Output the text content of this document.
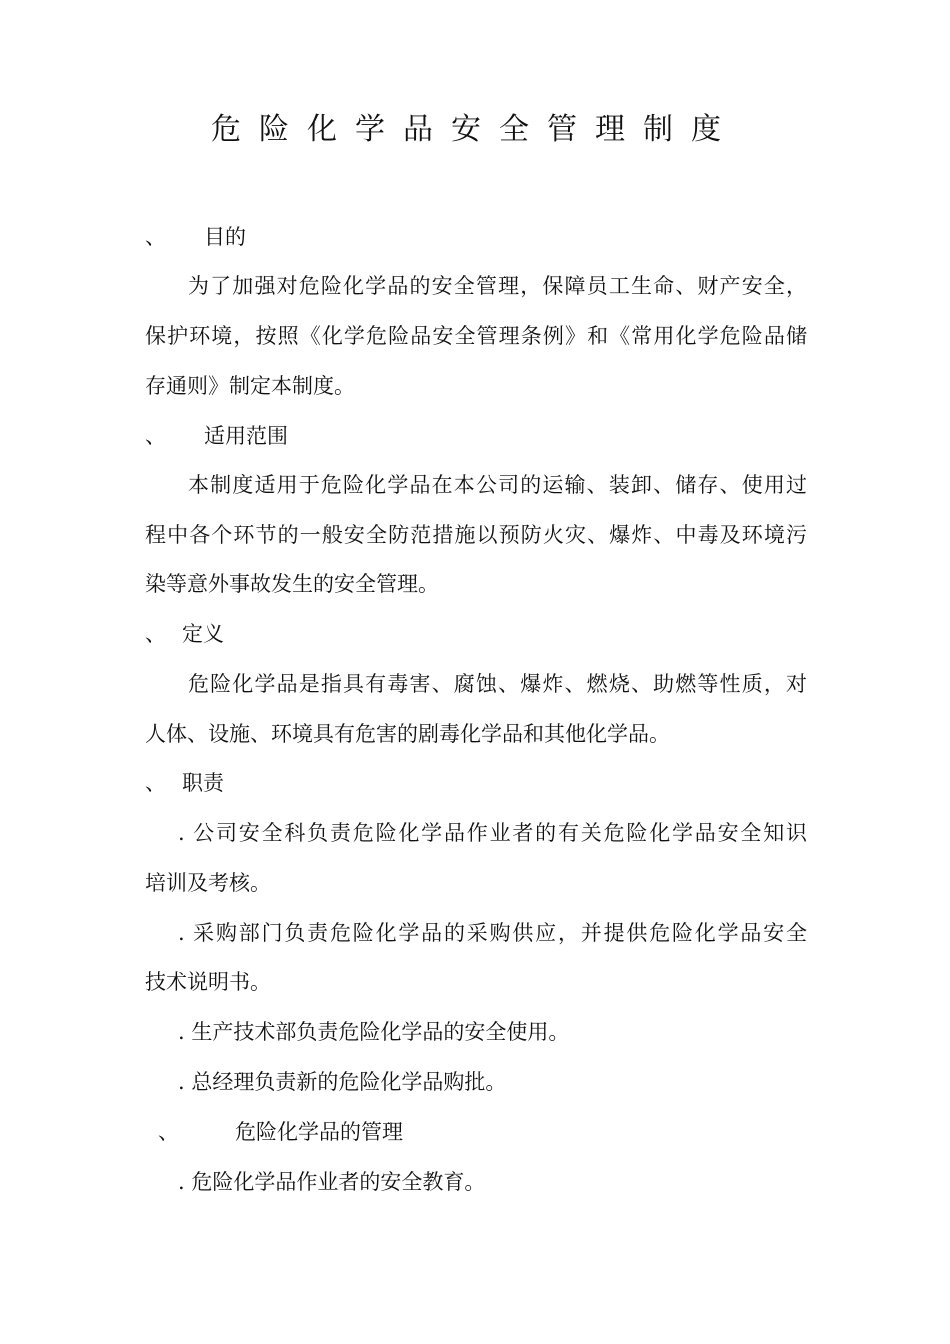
危险化学品安全管理制度
、 目的
为了加强对危险化学品的安全管理，保障员工生命、财产安全，
保护环境，按照《化学危险品安全管理条例》和《常用化学危险品储
存通则》制定本制度。
、 适用范围
本制度适用于危险化学品在本公司的运输、装卸、储存、使用过
程中各个环节的一般安全防范措施以预防火灾、爆炸、中毒及环境污
染等意外事故发生的安全管理。
、 定义
危险化学品是指具有毒害、腐蚀、爆炸、燃烧、助燃等性质，对
人体、设施、环境具有危害的剧毒化学品和其他化学品。
、 职责
. 公司安全科负责危险化学品作业者的有关危险化学品安全知识
培训及考核。
. 采购部门负责危险化学品的采购供应，并提供危险化学品安全
技术说明书。
. 生产技术部负责危险化学品的安全使用。
. 总经理负责新的危险化学品购批。
、	危险化学品的管理
. 危险化学品作业者的安全教育。
